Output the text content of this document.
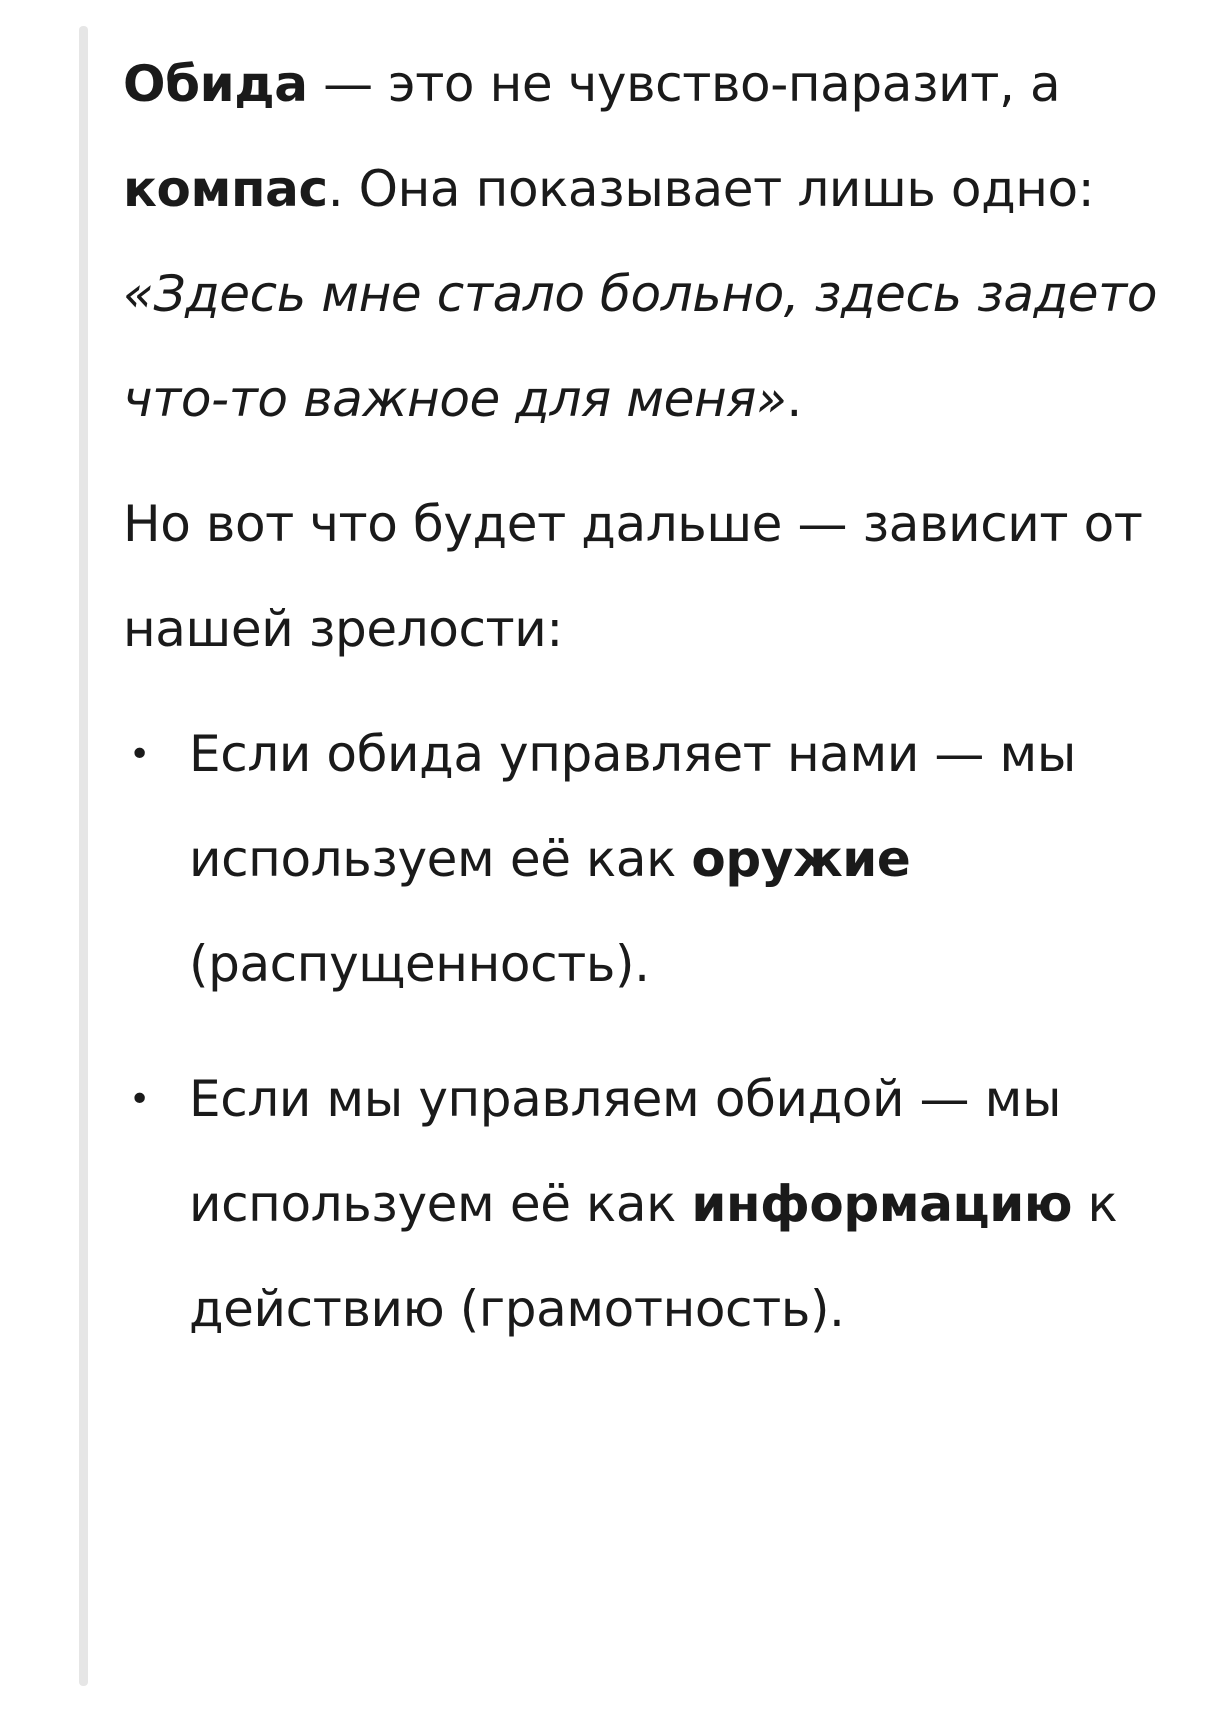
Обида — это не чувство-паразит, а компас. Она показывает лишь одно: «Здесь мне стало больно, здесь задето что-то важное для меня».

Но вот что будет дальше — зависит от нашей зрелости:

• Если обида управляет нами — мы используем её как оружие (распущенность).
• Если мы управляем обидой — мы используем её как информацию к действию (грамотность).
